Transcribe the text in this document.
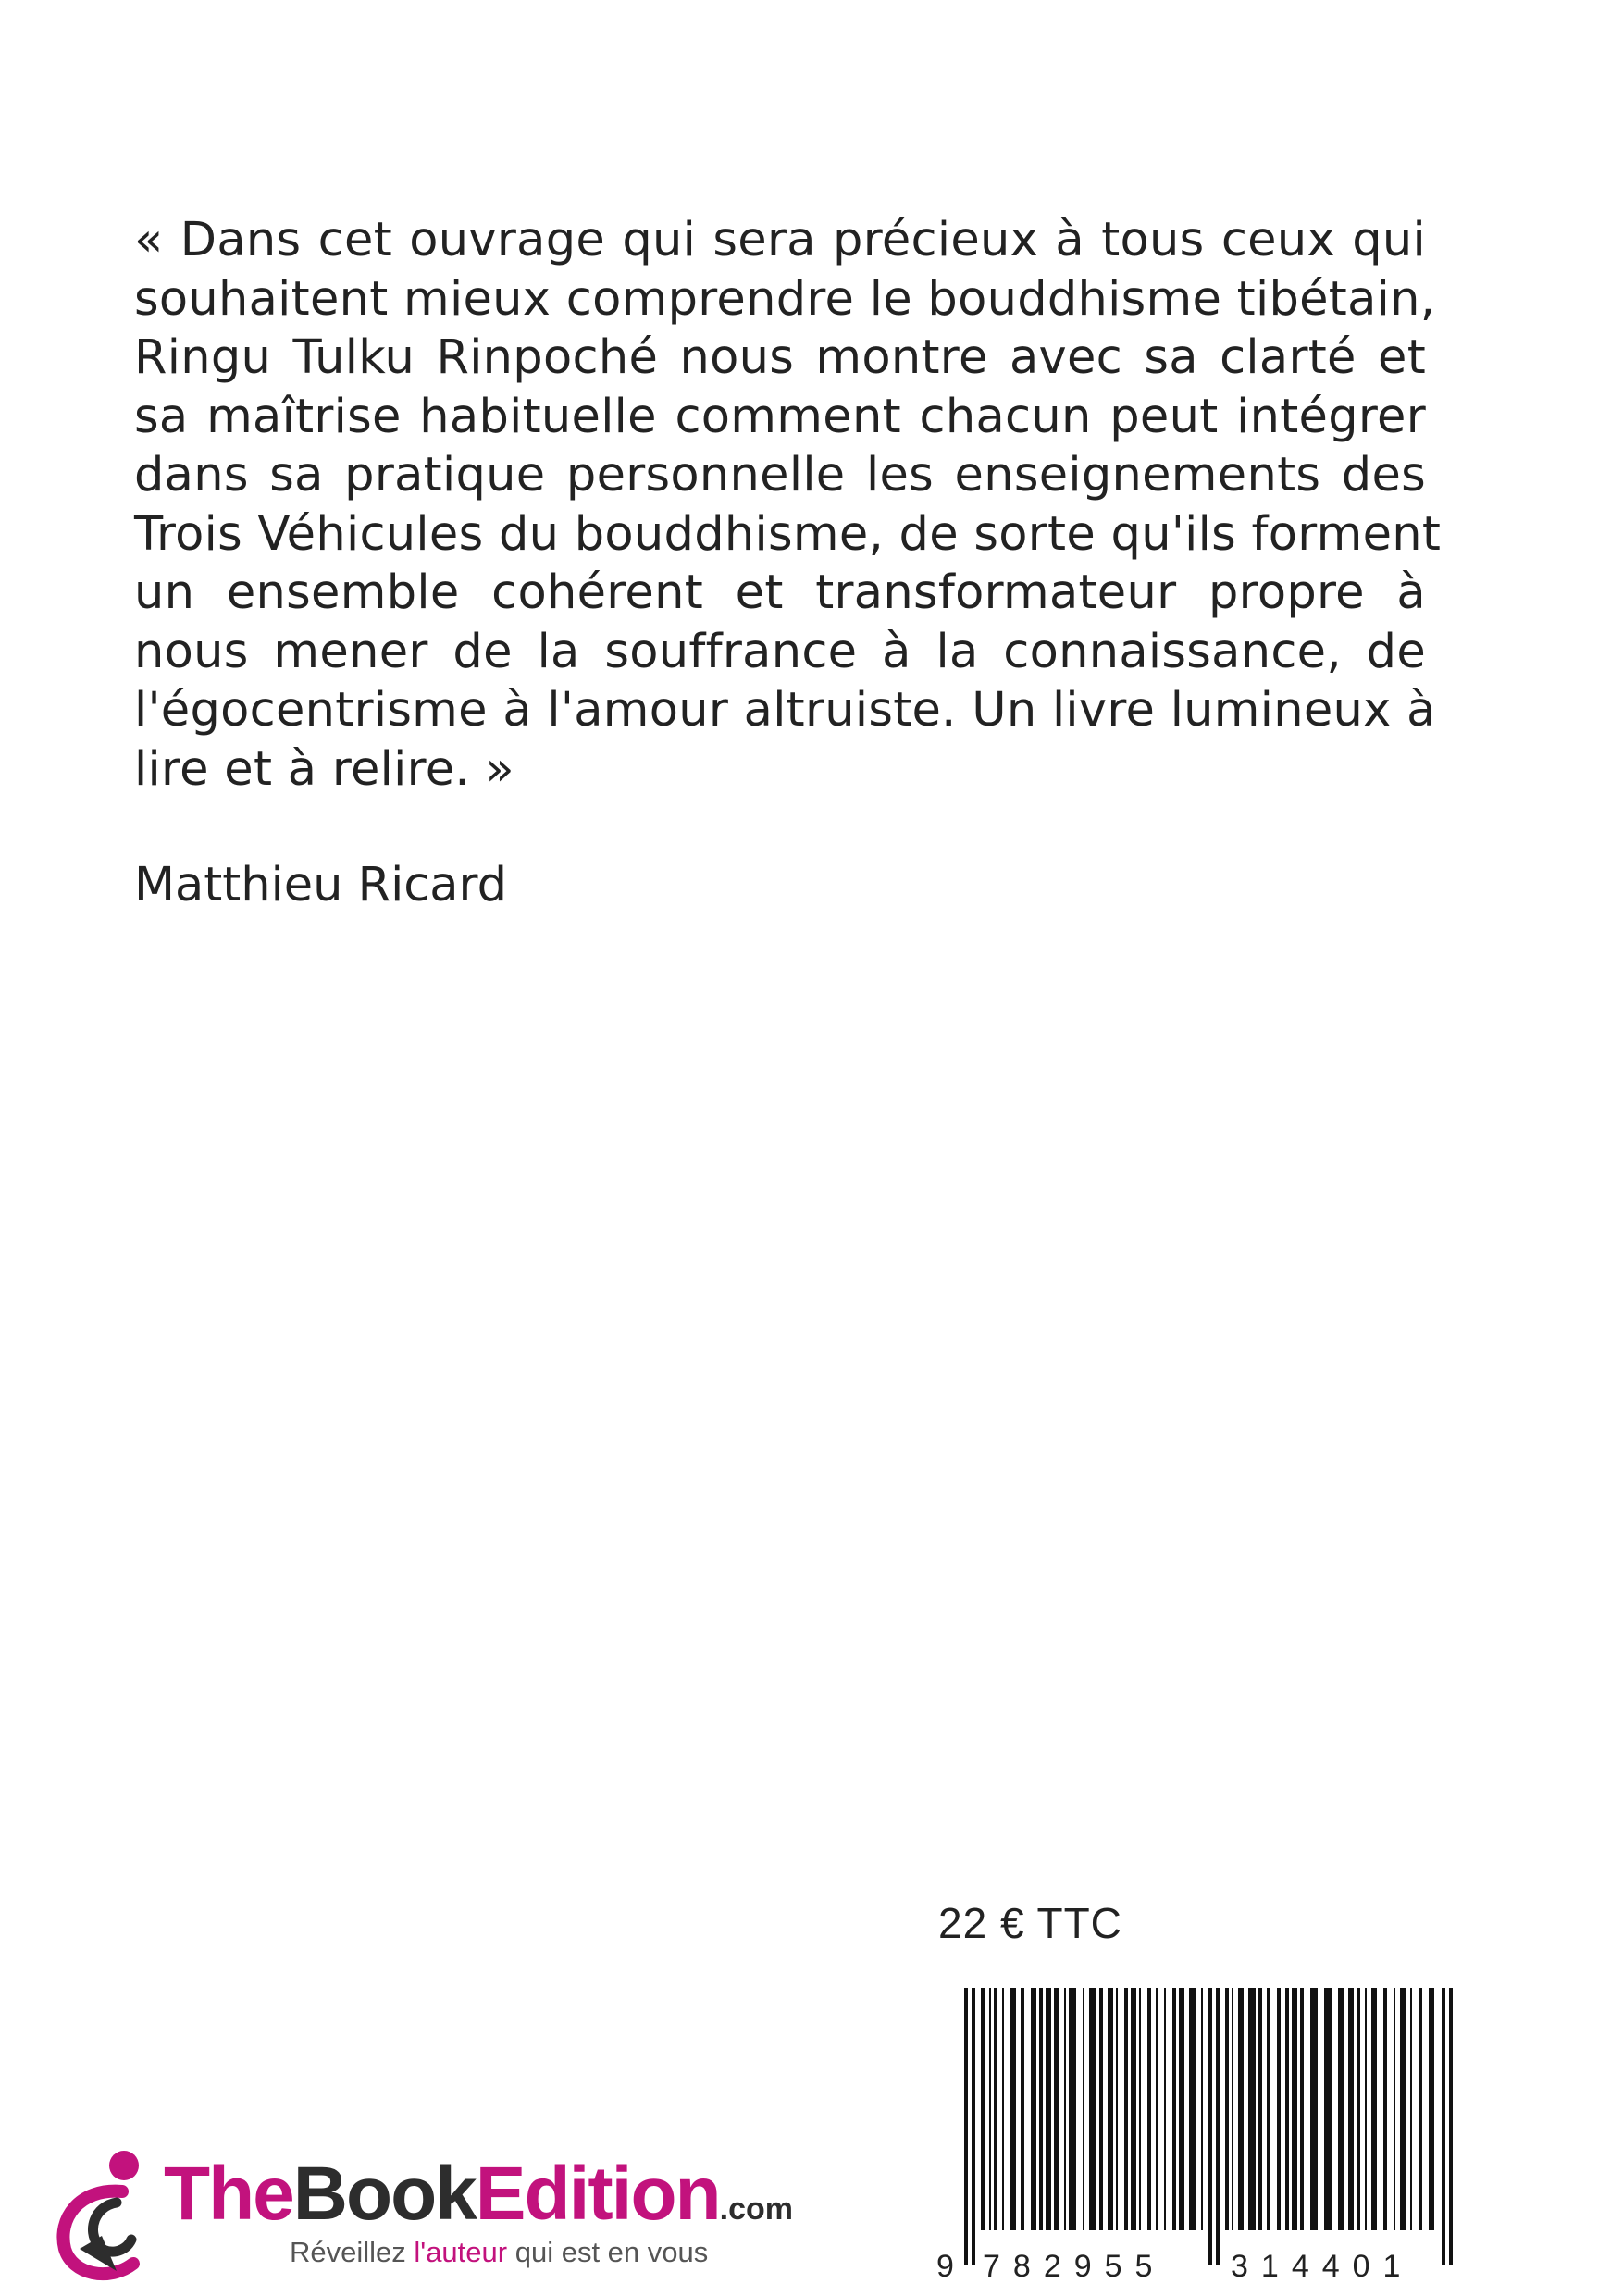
« Dans cet ouvrage qui sera précieux à tous ceux qui
souhaitent mieux comprendre le bouddhisme tibétain,
Ringu Tulku Rinpoché nous montre avec sa clarté et
sa maîtrise habituelle comment chacun peut intégrer
dans sa pratique personnelle les enseignements des
Trois Véhicules du bouddhisme, de sorte qu'ils forment
un ensemble cohérent et transformateur propre à
nous mener de la souffrance à la connaissance, de
l'égocentrisme à l'amour altruiste. Un livre lumineux à
lire et à relire. »
Matthieu Ricard
22 € TTC
9 782955 314401
TheBookEdition.com
Réveillez l'auteur qui est en vous
